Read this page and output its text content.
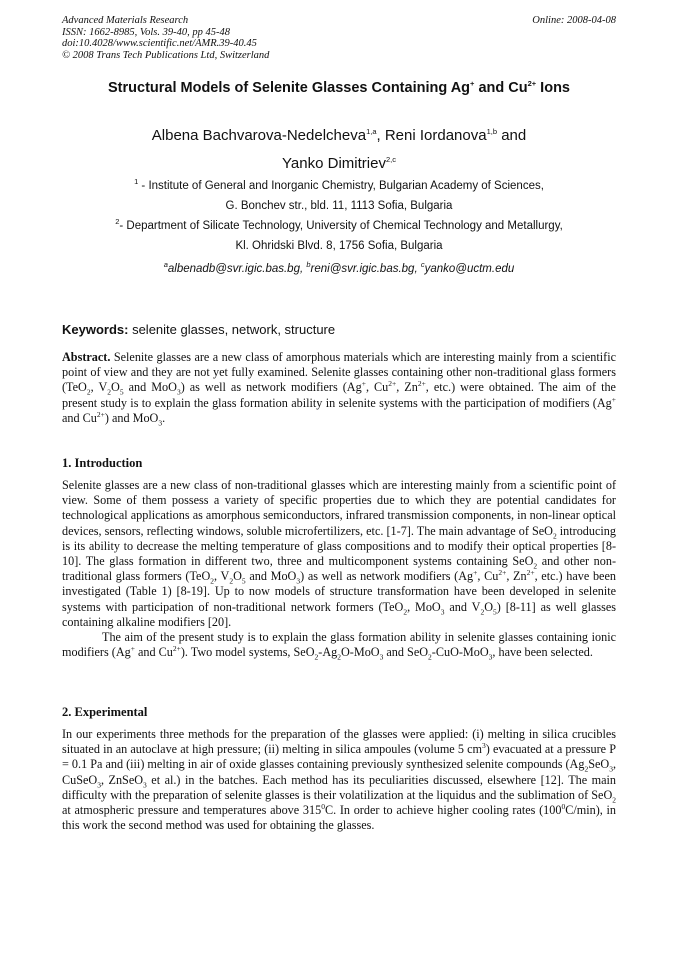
Advanced Materials Research
ISSN: 1662-8985, Vols. 39-40, pp 45-48
doi:10.4028/www.scientific.net/AMR.39-40.45
© 2008 Trans Tech Publications Ltd, Switzerland
Online: 2008-04-08
Structural Models of Selenite Glasses Containing Ag+ and $Cu^{2+}$ Ions
Albena Bachvarova-Nedelcheva$^{1,a}$, Reni Iordanova$^{1,b}$ and
Yanko Dimitriev$^{2,c}$
$^1$ - Institute of General and Inorganic Chemistry, Bulgarian Academy of Sciences,
G. Bonchev str., bld. 11, 1113 Sofia, Bulgaria
$^2$- Department of Silicate Technology, University of Chemical Technology and Metallurgy,
Kl. Ohridski Blvd. 8, 1756 Sofia, Bulgaria
$^a$albenadb@svr.igic.bas.bg, $^b$reni@svr.igic.bas.bg, $^c$yanko@uctm.edu
Keywords: selenite glasses, network, structure
Abstract. Selenite glasses are a new class of amorphous materials which are interesting mainly from a scientific point of view and they are not yet fully examined. Selenite glasses containing other non-traditional glass formers (TeO$_2$, $V_2O_5$ and MoO$_3$) as well as network modifiers (Ag+, $Cu^{2+}$, $Zn^{2+}$, etc.) were obtained. The aim of the present study is to explain the glass formation ability in selenite systems with the participation of modifiers (Ag+ and $Cu^{2+}$) and MoO$_3$.
1. Introduction

Selenite glasses are a new class of non-traditional glasses which are interesting mainly from a scientific point of view. Some of them possess a variety of specific properties due to which they are potential candidates for technological applications as amorphous semiconductors, infrared transmission components, in non-linear optical devices, sensors, reflecting windows, soluble microfertilizers, etc. [1-7]. The main advantage of SeO$_2$ introducing is its ability to decrease the melting temperature of glass compositions and to modify their optical properties [8-10]. The glass formation in different two, three and multicomponent systems containing SeO$_2$ and other non-traditional glass formers (TeO$_2$, $V_2O_5$ and MoO$_3$) as well as network modifiers (Ag+, $Cu^{2+}$, $Zn^{2+}$, etc.) have been investigated (Table 1) [8-19]. Up to now models of structure transformation have been developed in selenite systems with participation of non-traditional network formers (TeO$_2$, MoO$_3$ and $V_2O_5$) [8-11] as well glasses containing alkaline modifiers [20].

The aim of the present study is to explain the glass formation ability in selenite glasses containing ionic modifiers (Ag+ and $Cu^{2+}$). Two model systems, $SeO_2-Ag_2O-MoO_3$ and SeO$_2$-CuO-MoO$_3$, have been selected.

2. Experimental
In our experiments three methods for the preparation of the glasses were applied: (i) melting in silica crucibles situated in an autoclave at high pressure; (ii) melting in silica ampoules (volume 5 $cm^3$) evacuated at a pressure P = 0.1 Pa and (iii) melting in air of oxide glasses containing previously synthesized selenite compounds ($Ag_2SeO_3$, CuSeO$_3$, ZnSeO$_3$ et al.) in the batches. Each method has its peculiarities discussed, elsewhere [12]. The main difficulty with the preparation of selenite glasses is their volatilization at the liquidus and the sublimation of SeO$_2$ at atmospheric pressure and temperatures above $315^0C$. In order to achieve higher cooling rates $(100^0C/\min)$, in this work the second method was used for obtaining the glasses.
